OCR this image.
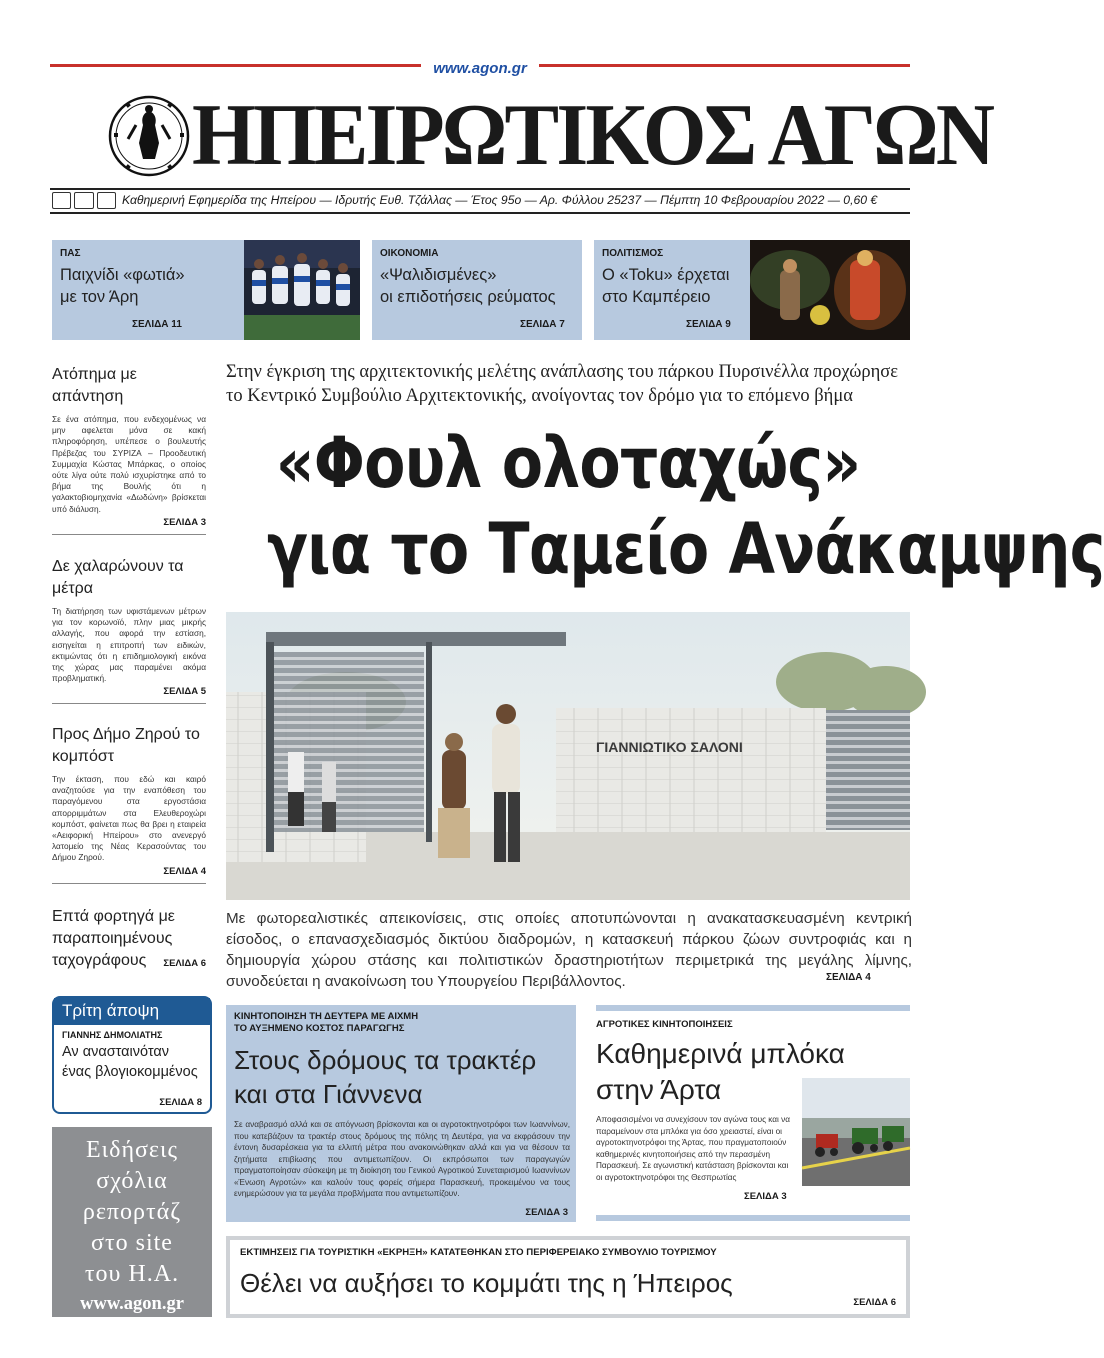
www.agon.gr
ΗΠΕΙΡΩΤΙΚΟΣ ΑΓΩΝ
Καθημερινή Εφημερίδα της Ηπείρου — Ιδρυτής Ευθ. Τζάλλας — Έτος 95ο — Αρ. Φύλλου 25237 — Πέμπτη 10 Φεβρουαρίου 2022 — 0,60 €
ΠΑΣ
Παιχνίδι «φωτιά»
με τον Άρη
ΣΕΛΙΔΑ 11
ΟΙΚΟΝΟΜΙΑ
«Ψαλιδισμένες»
οι επιδοτήσεις ρεύματος
ΣΕΛΙΔΑ 7
ΠΟΛΙΤΙΣΜΟΣ
Ο «Toku» έρχεται
στο Καμπέρειο
ΣΕΛΙΔΑ 9
Ατόπημα με απάντηση
Σε ένα ατόπημα, που ενδεχομένως να μην αφελεται μόνα σε κακή πληροφόρηση, υπέπεσε ο βουλευτής Πρέβεζας του ΣΥΡΙΖΑ – Προοδευτική Συμμαχία Κώστας Μπάρκας, ο οποίος ούτε λίγα ούτε πολύ ισχυρίστηκε από το βήμα της Βουλής ότι η γαλακτοβιομηχανία «Δωδώνη» βρίσκεται υπό διάλυση.
ΣΕΛΙΔΑ 3
Δε χαλαρώνουν τα μέτρα
Τη διατήρηση των υφιστάμενων μέτρων για τον κορωνοϊό, πλην μιας μικρής αλλαγής, που αφορά την εστίαση, εισηγείται η επιτροπή των ειδικών, εκτιμώντας ότι η επιδημιολογική εικόνα της χώρας μας παραμένει ακόμα προβληματική.
ΣΕΛΙΔΑ 5
Προς Δήμο Ζηρού το κομπόστ
Την έκταση, που εδώ και καιρό αναζητούσε για την εναπόθεση του παραγόμενου στα εργοστάσια απορριμμάτων στα Ελευθεροχώρι κομπόστ, φαίνεται πως θα βρει η εταιρεία «Αειφορική Ηπείρου» στο ανενεργό λατομείο της Νέας Κερασούντας του Δήμου Ζηρού.
ΣΕΛΙΔΑ 4
Επτά φορτηγά με παραποιημένους ταχογράφους	ΣΕΛΙΔΑ 6
Στην έγκριση της αρχιτεκτονικής μελέτης ανάπλασης του πάρκου Πυρσινέλλα προχώρησε το Κεντρικό Συμβούλιο Αρχιτεκτονικής, ανοίγοντας τον δρόμο για το επόμενο βήμα
«Φουλ ολοταχώς»
για το Ταμείο Ανάκαμψης
ΓΙΑΝΝΙΩΤΙΚΟ ΣΑΛΟΝΙ
Με φωτορεαλιστικές απεικονίσεις, στις οποίες αποτυπώνονται η ανακατασκευασμένη κεντρική είσοδος, ο επανασχεδιασμός δικτύου διαδρομών, η κατασκευή πάρκου ζώων συντροφιάς και η δημιουργία χώρου στάσης και πολιτιστικών δραστηριοτήτων περιμετρικά της μεγάλης λίμνης, συνοδεύεται η ανακοίνωση του Υπουργείου Περιβάλλοντος.	ΣΕΛΙΔΑ 4
ΚΙΝΗΤΟΠΟΙΗΣΗ ΤΗ ΔΕΥΤΕΡΑ ΜΕ ΑΙΧΜΗ
ΤΟ ΑΥΞΗΜΕΝΟ ΚΟΣΤΟΣ ΠΑΡΑΓΩΓΗΣ
Στους δρόμους τα τρακτέρ
και στα Γιάννενα
Σε αναβρασμό αλλά και σε απόγνωση βρίσκονται και οι αγροτοκτηνοτρόφοι των Ιωαννίνων, που κατεβάζουν τα τρακτέρ στους δρόμους της πόλης τη Δευτέρα, για να εκφράσουν την έντονη δυσαρέσκεια για τα ελλιπή μέτρα που ανακοινώθηκαν αλλά και για να θέσουν τα ζητήματα επιβίωσης που αντιμετωπίζουν. Οι εκπρόσωποι των παραγωγών πραγματοποίησαν σύσκεψη με τη διοίκηση του Γενικού Αγροτικού Συνεταιρισμού Ιωαννίνων «Ένωση Αγροτών» και καλούν τους φορείς σήμερα Παρασκευή, προκειμένου να τους ενημερώσουν για τα μεγάλα προβλήματα που αντιμετωπίζουν.
ΣΕΛΙΔΑ 3
ΑΓΡΟΤΙΚΕΣ ΚΙΝΗΤΟΠΟΙΗΣΕΙΣ
Καθημερινά μπλόκα
στην Άρτα
Αποφασισμένοι να συνεχίσουν τον αγώνα τους και να παραμείνουν στα μπλόκα για όσο χρειαστεί, είναι οι αγροτοκτηνοτρόφοι της Άρτας, που πραγματοποιούν καθημερινές κινητοποιήσεις από την περασμένη Παρασκευή. Σε αγωνιστική κατάσταση βρίσκονται και οι αγροτοκτηνοτρόφοι της Θεσπρωτίας
ΣΕΛΙΔΑ 3
Τρίτη άποψη
ΓΙΑΝΝΗΣ ΔΗΜΟΛΙΑΤΗΣ
Αν ανασταινόταν
ένας βλογιοκομμένος
ΣΕΛΙΔΑ 8
Ειδήσεις
σχόλια
ρεπορτάζ
στο site
του Η.Α.
www.agon.gr
ΕΚΤΙΜΗΣΕΙΣ ΓΙΑ ΤΟΥΡΙΣΤΙΚΗ «ΕΚΡΗΞΗ» ΚΑΤΑΤΕΘΗΚΑΝ ΣΤΟ ΠΕΡΙΦΕΡΕΙΑΚΟ ΣΥΜΒΟΥΛΙΟ ΤΟΥΡΙΣΜΟΥ
Θέλει να αυξήσει το κομμάτι της η Ήπειρος
ΣΕΛΙΔΑ 6
